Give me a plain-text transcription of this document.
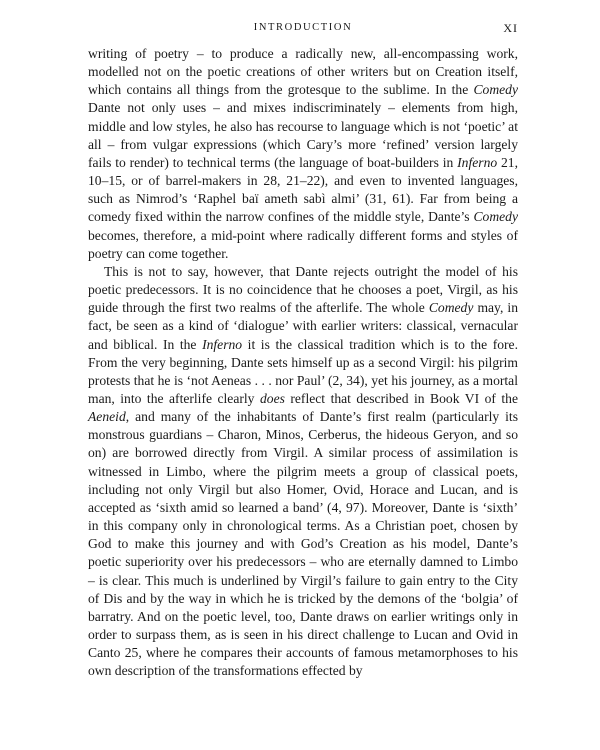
INTRODUCTION	XI

writing of poetry – to produce a radically new, all-encompassing work, modelled not on the poetic creations of other writers but on Creation itself, which contains all things from the grotesque to the sublime. In the Comedy Dante not only uses – and mixes indiscriminately – elements from high, middle and low styles, he also has recourse to language which is not ‘poetic’ at all – from vulgar expressions (which Cary’s more ‘refined’ version largely fails to render) to technical terms (the language of boat-builders in Inferno 21, 10–15, or of barrel-makers in 28, 21–22), and even to invented languages, such as Nimrod’s ‘Raphel baï ameth sabì almi’ (31, 61). Far from being a comedy fixed within the narrow confines of the middle style, Dante’s Comedy becomes, therefore, a mid-point where radically different forms and styles of poetry can come together.

This is not to say, however, that Dante rejects outright the model of his poetic predecessors. It is no coincidence that he chooses a poet, Virgil, as his guide through the first two realms of the afterlife. The whole Comedy may, in fact, be seen as a kind of ‘dialogue’ with earlier writers: classical, vernacular and biblical. In the Inferno it is the classical tradition which is to the fore. From the very beginning, Dante sets himself up as a second Virgil: his pilgrim protests that he is ‘not Aeneas . . . nor Paul’ (2, 34), yet his journey, as a mortal man, into the afterlife clearly does reflect that described in Book VI of the Aeneid, and many of the inhabitants of Dante’s first realm (particularly its monstrous guardians – Charon, Minos, Cerberus, the hideous Geryon, and so on) are borrowed directly from Virgil. A similar process of assimilation is witnessed in Limbo, where the pilgrim meets a group of classical poets, including not only Virgil but also Homer, Ovid, Horace and Lucan, and is accepted as ‘sixth amid so learned a band’ (4, 97). Moreover, Dante is ‘sixth’ in this company only in chronological terms. As a Christian poet, chosen by God to make this journey and with God’s Creation as his model, Dante’s poetic superiority over his predecessors – who are eternally damned to Limbo – is clear. This much is underlined by Virgil’s failure to gain entry to the City of Dis and by the way in which he is tricked by the demons of the ‘bolgia’ of barratry. And on the poetic level, too, Dante draws on earlier writings only in order to surpass them, as is seen in his direct challenge to Lucan and Ovid in Canto 25, where he compares their accounts of famous metamorphoses to his own description of the transformations effected by
